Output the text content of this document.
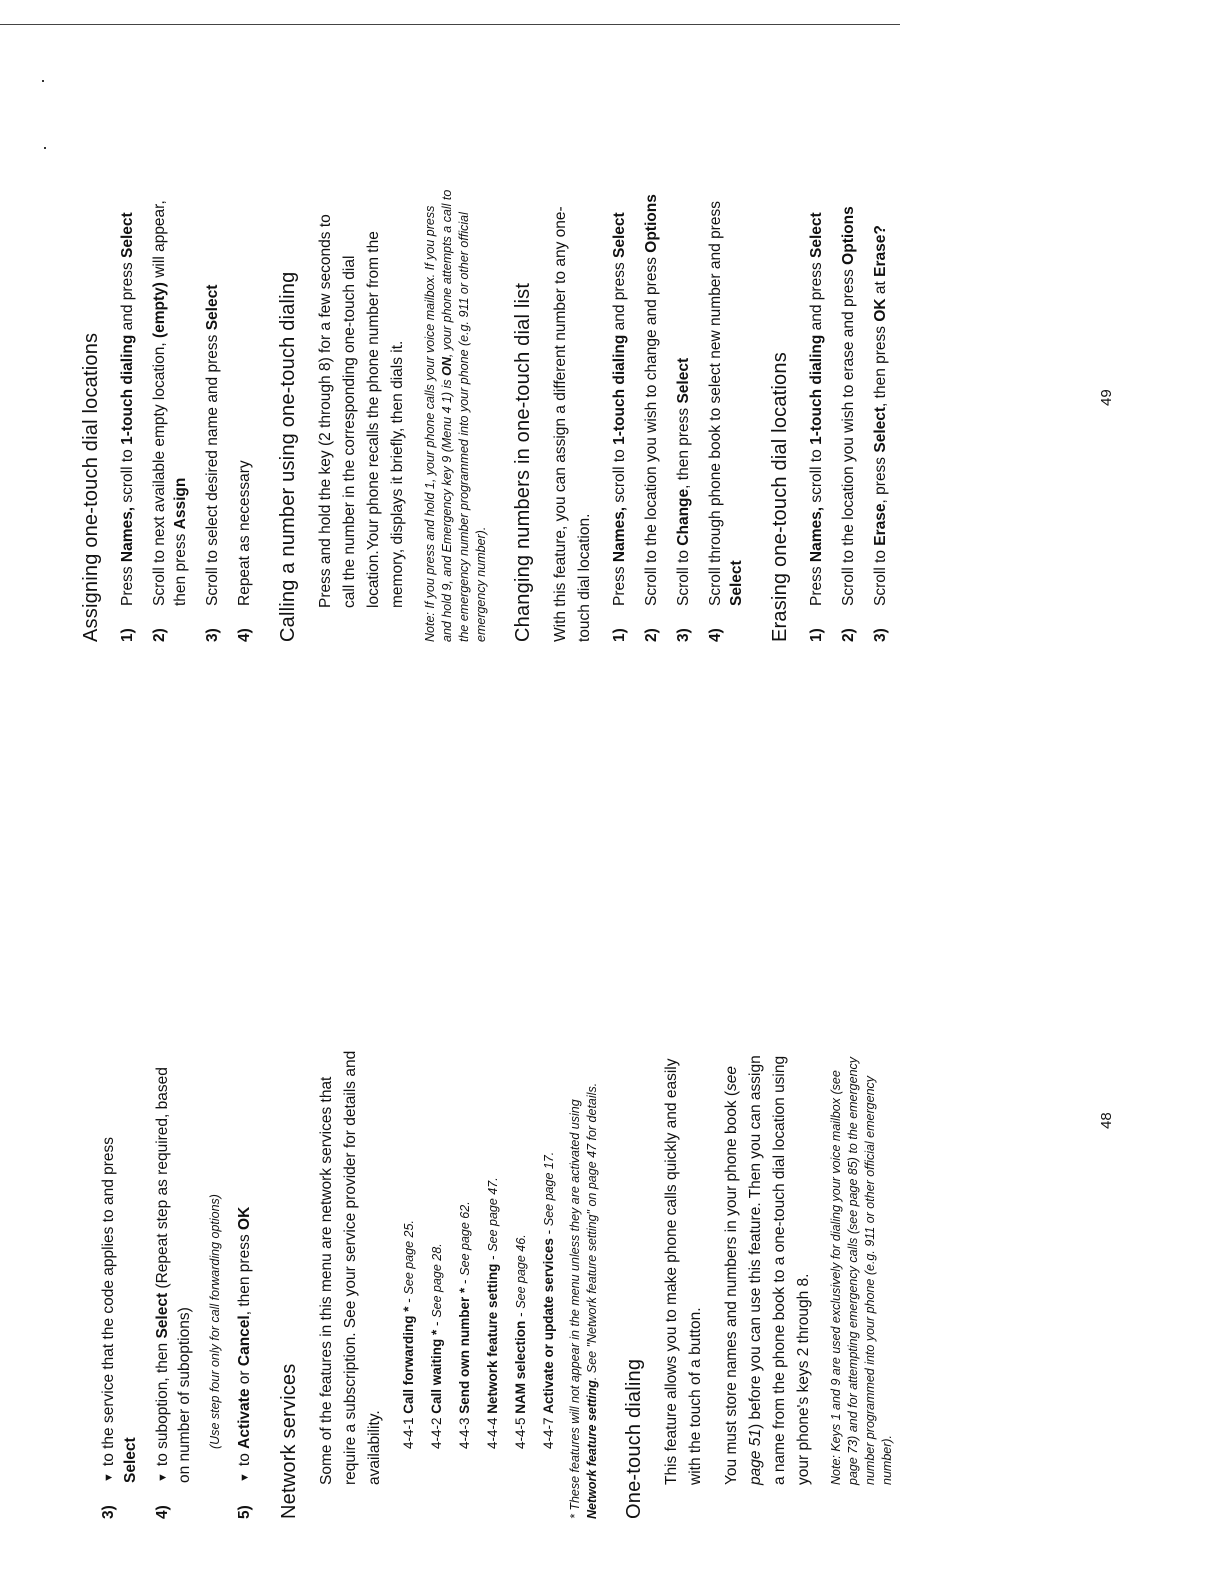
3)
▼to the service that the code applies to and press Select
4)
▼to suboption, then Select (Repeat step as required, based on number of suboptions) (Use step four only for call forwarding options)

5)
▼to Activate or Cancel, then press OK
Network services Some of the features in this menu are network services that require a subscription. See your service provider for details and availability. 4-4-1 Call forwarding * - See page 25.
4-4-2 Call waiting * - See page 28.
4-4-3 Send own number * - See page 62.
4-4-4 Network feature setting - See page 47.
4-4-5 NAM selection - See page 46.
4-4-7 Activate or update services - See page 17. * These features will not appear in the menu unless they are activated using Network feature setting. See "Network feature setting" on page 47 for details.

One-touch dialing This feature allows you to make phone calls quickly and easily with the touch of a button. You must store names and numbers in your phone book (see page 51) before you can use this feature. Then you can assign a name from the phone book to a one-touch dial location using your phone's keys 2 through 8.	Note: Keys 1 and 9 are used exclusively for dialing your voice mailbox (see page 73) and for attempting emergency calls (see page 85) to the emergency number programmed into your phone (e.g. 911 or other official emergency number).

48
Assigning one-touch dial locations 1)
Press Names, scroll to 1-touch dialing and press Select
2)
Scroll to next available empty location, (empty) will appear, then press Assign
3)
Scroll to select desired name and press Select
4)
Repeat as necessary Calling a number using one-touch dialing Press and hold the key (2 through 8) for a few seconds to call the number in the corresponding one-touch dial location.Your phone recalls the phone number from the memory, displays it briefly, then dials it.	Note: If you press and hold 1, your phone calls your voice mailbox. If you press and hold 9, and Emergency key 9 (Menu 4 1) is ON, your phone attempts a call to the emergency number programmed into your phone (e.g. 911 or other official emergency number). Changing numbers in one-touch dial list With this feature, you can assign a different number to any one-touch dial location. 1)
Press Names, scroll to 1-touch dialing and press Select
2)
Scroll to the location you wish to change and press Options
3)
Scroll to Change, then press Select
4)
Scroll through phone book to select new number and press Select Erasing one-touch dial locations 1)
Press Names, scroll to 1-touch dialing and press Select
2)
Scroll to the location you wish to erase and press Options
3)
Scroll to Erase, press Select, then press OK at Erase?
49
